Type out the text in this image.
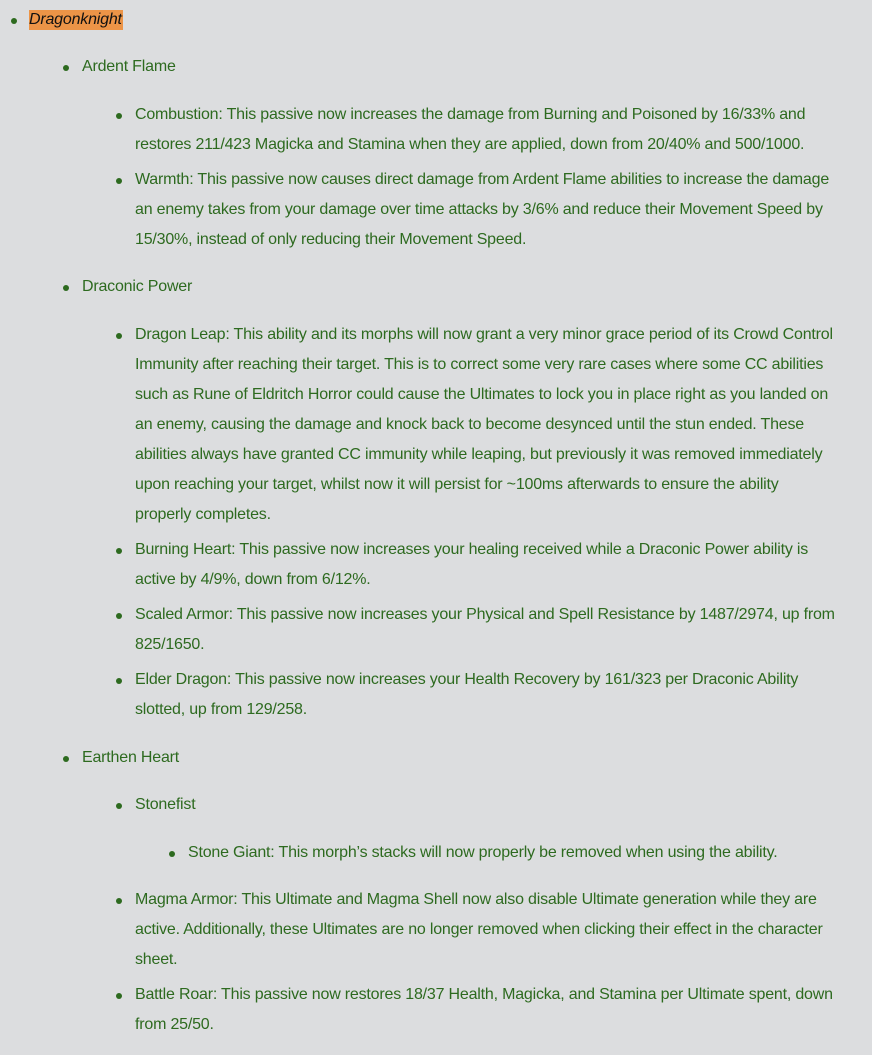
Dragonknight
Ardent Flame
Combustion: This passive now increases the damage from Burning and Poisoned by 16/33% and
restores 211/423 Magicka and Stamina when they are applied, down from 20/40% and 500/1000.
Warmth: This passive now causes direct damage from Ardent Flame abilities to increase the damage
an enemy takes from your damage over time attacks by 3/6% and reduce their Movement Speed by
15/30%, instead of only reducing their Movement Speed.
Draconic Power
Dragon Leap: This ability and its morphs will now grant a very minor grace period of its Crowd Control
Immunity after reaching their target. This is to correct some very rare cases where some CC abilities
such as Rune of Eldritch Horror could cause the Ultimates to lock you in place right as you landed on
an enemy, causing the damage and knock back to become desynced until the stun ended. These
abilities always have granted CC immunity while leaping, but previously it was removed immediately
upon reaching your target, whilst now it will persist for ~100ms afterwards to ensure the ability
properly completes.
Burning Heart: This passive now increases your healing received while a Draconic Power ability is
active by 4/9%, down from 6/12%.
Scaled Armor: This passive now increases your Physical and Spell Resistance by 1487/2974, up from
825/1650.
Elder Dragon: This passive now increases your Health Recovery by 161/323 per Draconic Ability
slotted, up from 129/258.
Earthen Heart
Stonefist
Stone Giant: This morph’s stacks will now properly be removed when using the ability.
Magma Armor: This Ultimate and Magma Shell now also disable Ultimate generation while they are
active. Additionally, these Ultimates are no longer removed when clicking their effect in the character
sheet.
Battle Roar: This passive now restores 18/37 Health, Magicka, and Stamina per Ultimate spent, down
from 25/50.
